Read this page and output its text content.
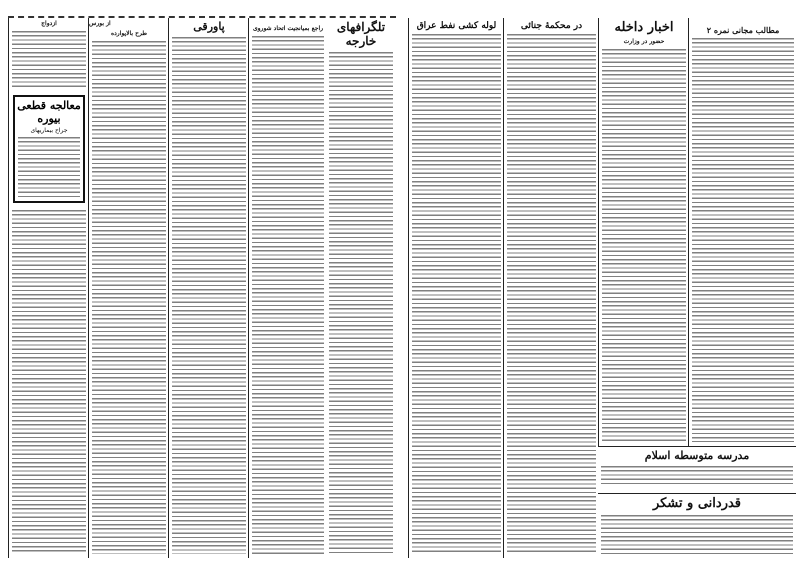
ازدواج
معالجه قطعی بیوره
جراح بیماریهای
از بورس
طرح بالاپوارده
پاورقی	راجع بمیانجیت اتحاد شوروی	تلگرافهای خارجه
لوله کشی نفط عراق	در محکمهٔ جنائی	اخبار داخله
حضور در وزارت
مطالب مجانی نمره ۲
مدرسه متوسطه اسلام
قدردانی و تشکر
